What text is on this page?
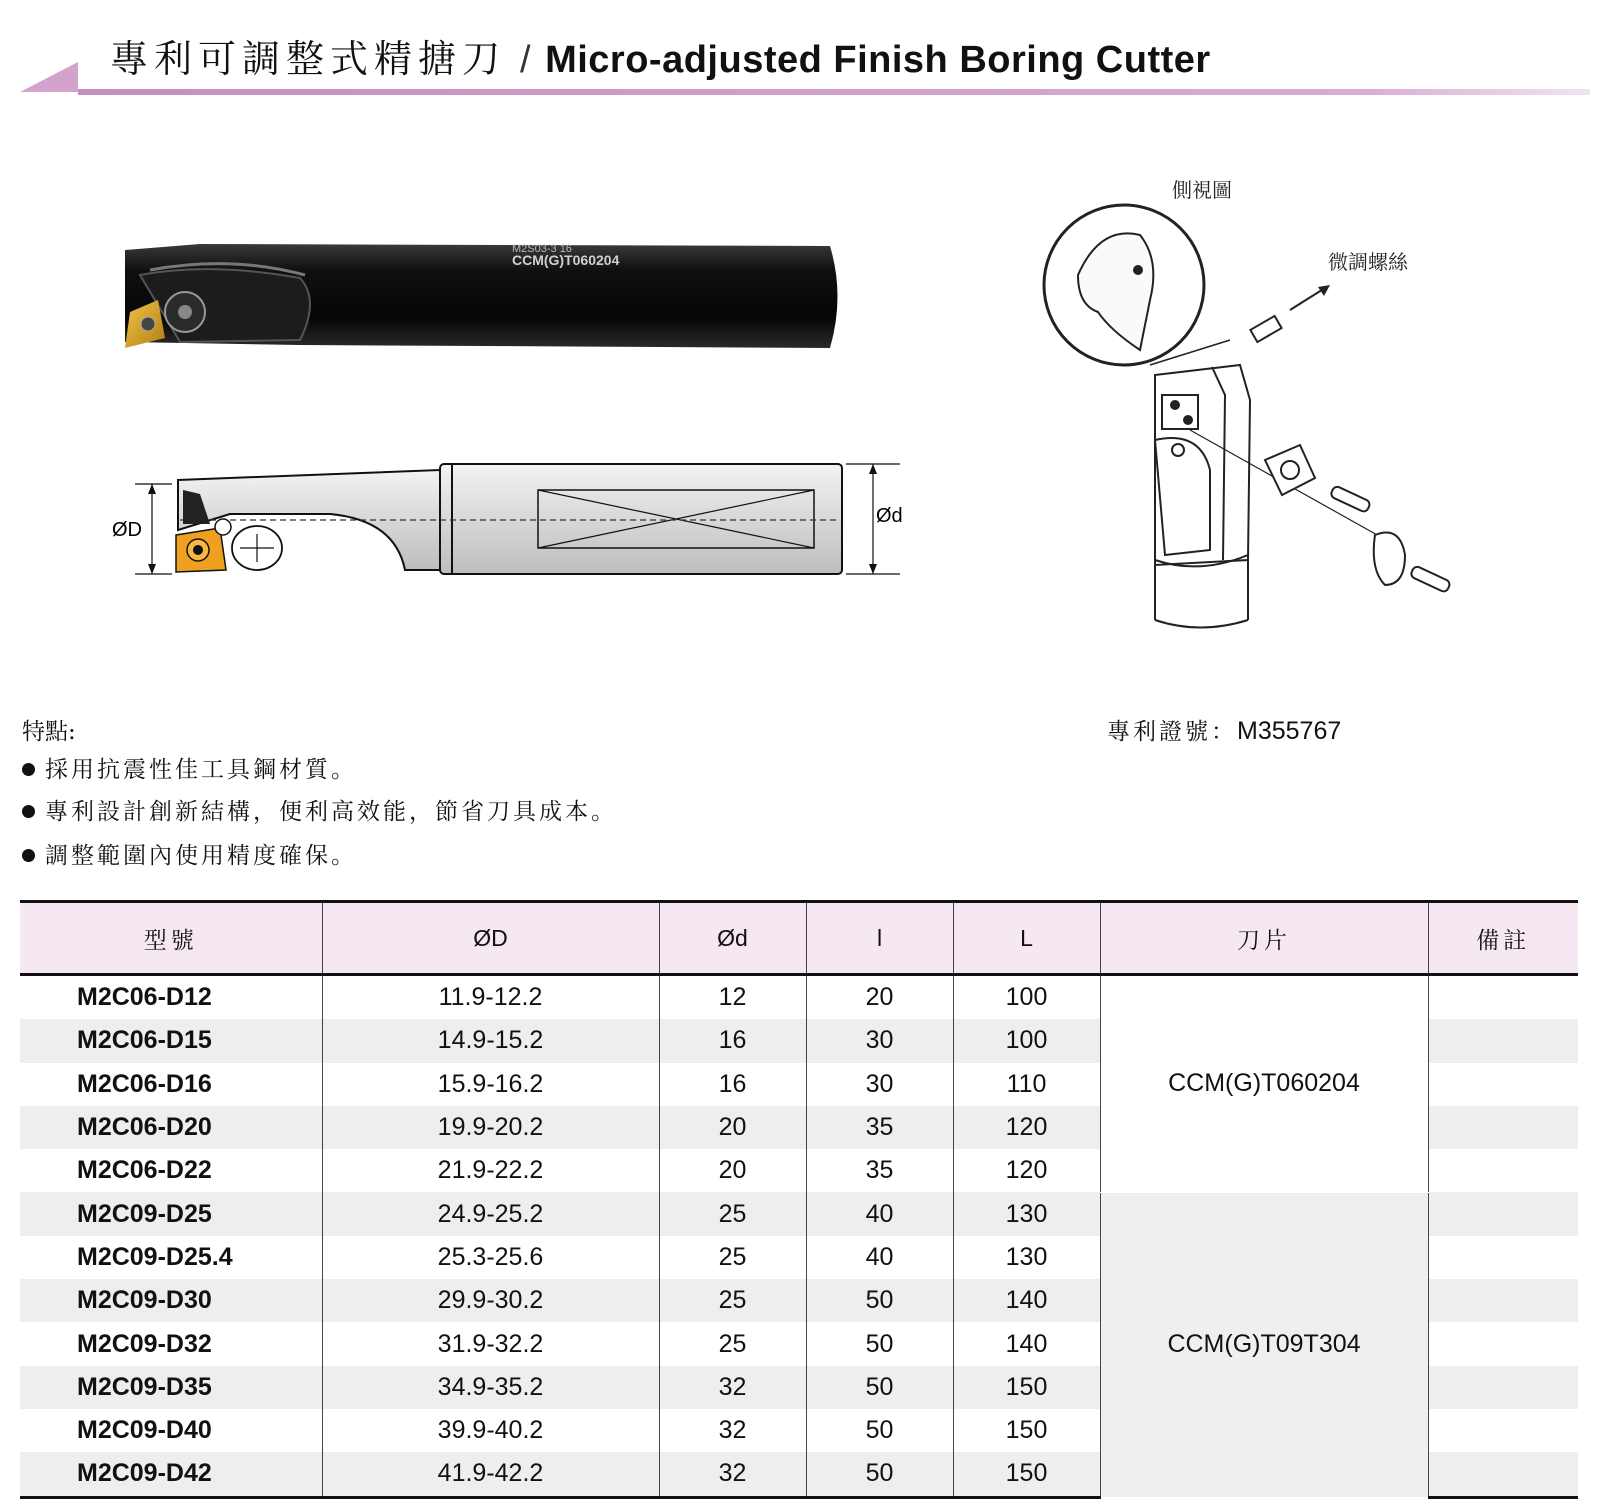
專利可調整式精搪刀 / Micro-adjusted Finish Boring Cutter
M2S03-3 16
CCM(G)T060204
ØD
Ød
側視圖
微調螺絲
特點:
採用抗震性佳工具鋼材質。
專利設計創新結構，便利高效能，節省刀具成本。
調整範圍內使用精度確保。
專利證號：M355767
型號	ØD	Ød	l	L	刀片	備註
M2C06-D12	11.9-12.2	12	20	100	CCM(G)T060204	
M2C06-D15	14.9-15.2	16	30	100		
M2C06-D16	15.9-16.2	16	30	110		
M2C06-D20	19.9-20.2	20	35	120		
M2C06-D22	21.9-22.2	20	35	120		
M2C09-D25	24.9-25.2	25	40	130	CCM(G)T09T304	
M2C09-D25.4	25.3-25.6	25	40	130		
M2C09-D30	29.9-30.2	25	50	140		
M2C09-D32	31.9-32.2	25	50	140		
M2C09-D35	34.9-35.2	32	50	150		
M2C09-D40	39.9-40.2	32	50	150		
M2C09-D42	41.9-42.2	32	50	150		
